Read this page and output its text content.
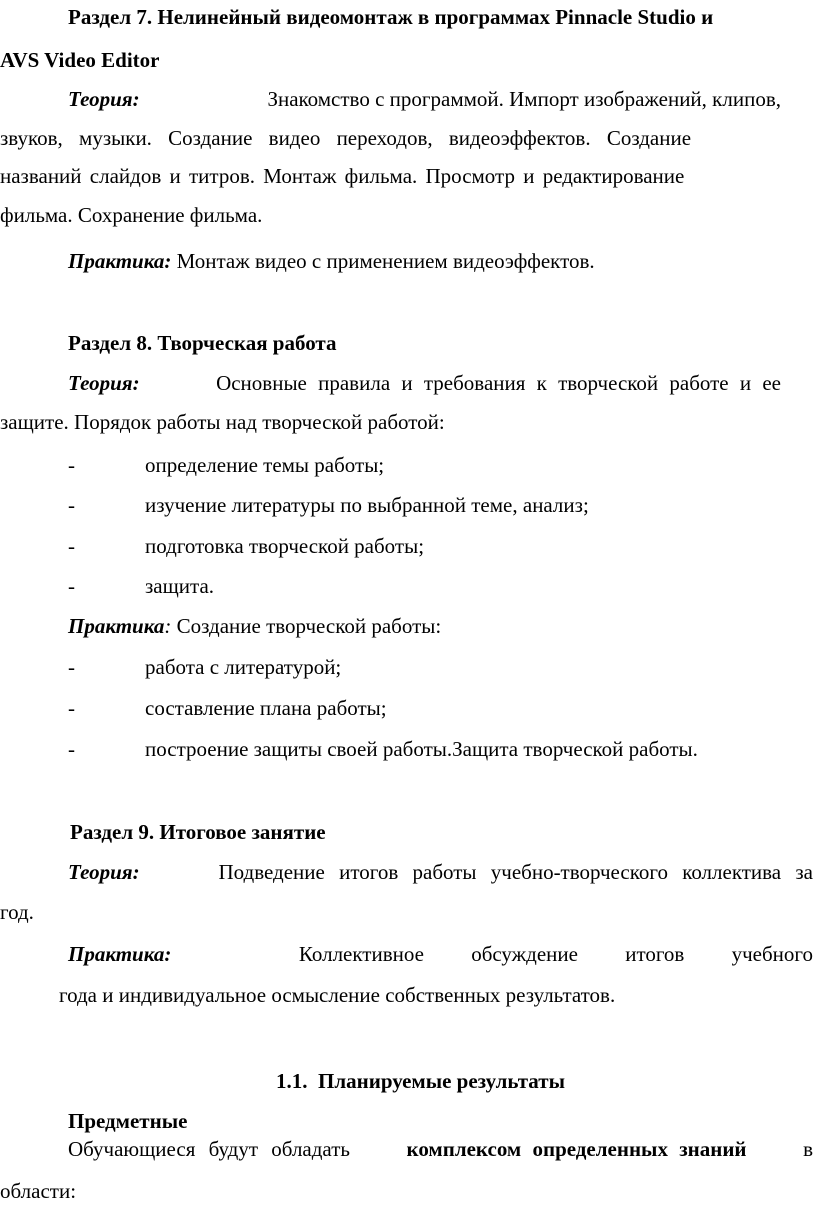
Раздел 7. Нелинейный видеомонтаж в программах Pinnacle Studio и
AVS Video Editor
Теория:	Знакомство с программой. Импорт изображений, клипов,
звуков, музыки. Создание видео переходов, видеоэффектов. Создание
названий слайдов и титров. Монтаж фильма. Просмотр и редактирование
фильма. Сохранение фильма.
Практика: Монтаж видео с применением видеоэффектов.
Раздел 8. Творческая работа
Теория:	Основные правила и требования к творческой работе и ее
защите. Порядок работы над творческой работой:
-	определение темы работы;
-	изучение литературы по выбранной теме, анализ;
-	подготовка творческой работы;
-	защита.
Практика: Создание творческой работы:
-	работа с литературой;
-	составление плана работы;
-	построение защиты своей работы.Защита творческой работы.
Раздел 9. Итоговое занятие
Теория:	Подведение итогов работы учебно-творческого коллектива за
год.
Практика:	Коллективное обсуждение итогов учебного
года и индивидуальное осмысление собственных результатов.
1.1.  Планируемые результаты
Предметные
Обучающиеся будут обладать	комплексом определенных знаний	в
области:
